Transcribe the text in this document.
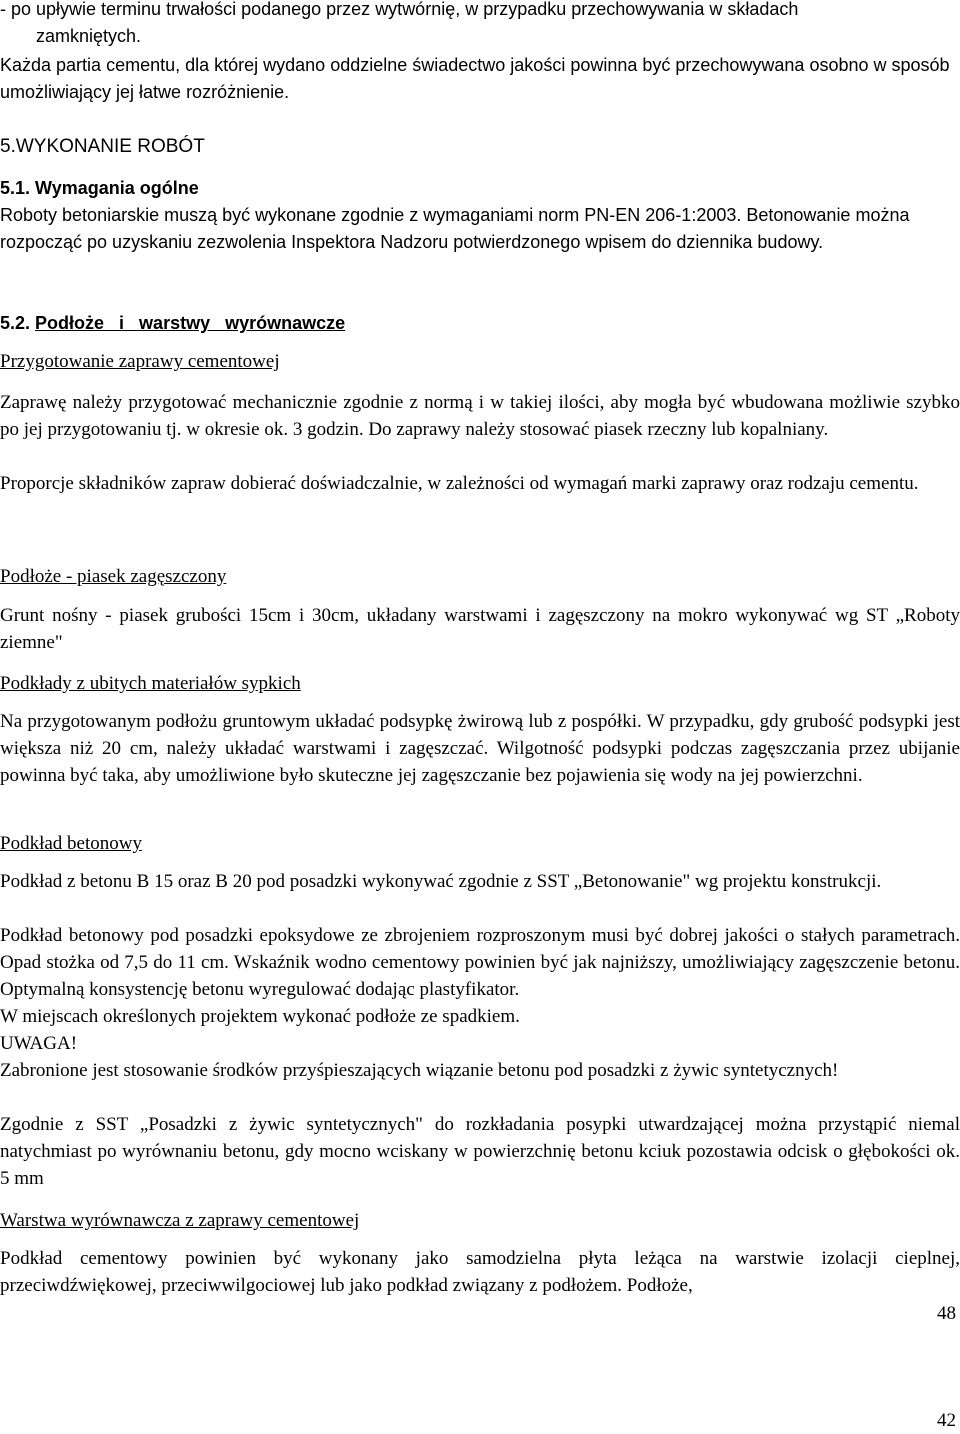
- po upływie terminu trwałości podanego przez wytwórnię, w przypadku przechowywania w składach

zamkniętych.

Każda partia cementu, dla której wydano oddzielne świadectwo jakości powinna być przechowywana osobno w sposób umożliwiający jej łatwe rozróżnienie.

5.WYKONANIE ROBÓT

5.1. Wymagania ogólne

Roboty betoniarskie muszą być wykonane zgodnie z wymaganiami norm PN-EN 206-1:2003. Betonowanie można rozpocząć po uzyskaniu zezwolenia Inspektora Nadzoru potwierdzonego wpisem do dziennika budowy.

5.2. Podłoże   i   warstwy   wyrównawcze

Przygotowanie zaprawy cementowej

Zaprawę należy przygotować mechanicznie zgodnie z normą i w takiej ilości, aby mogła być wbudowana możliwie szybko po jej przygotowaniu tj. w okresie ok. 3 godzin. Do zaprawy należy stosować piasek rzeczny lub kopalniany.

Proporcje składników zapraw dobierać doświadczalnie, w zależności od wymagań marki zaprawy oraz rodzaju cementu.

Podłoże - piasek zagęszczony

Grunt nośny - piasek grubości 15cm i 30cm, układany warstwami i zagęszczony na mokro wykonywać wg ST „Roboty ziemne"

Podkłady z ubitych materiałów sypkich

Na przygotowanym podłożu gruntowym układać podsypkę żwirową lub z pospółki. W przypadku, gdy grubość podsypki jest większa niż 20 cm, należy układać warstwami i zagęszczać. Wilgotność podsypki podczas zagęszczania przez ubijanie powinna być taka, aby umożliwione było skuteczne jej zagęszczanie bez pojawienia się wody na jej powierzchni.

Podkład betonowy

Podkład z betonu B 15 oraz B 20 pod posadzki wykonywać zgodnie z SST „Betonowanie" wg projektu konstrukcji.

Podkład betonowy pod posadzki epoksydowe ze zbrojeniem rozproszonym musi być dobrej jakości o stałych parametrach. Opad stożka od 7,5 do 11 cm. Wskaźnik wodno cementowy powinien być jak najniższy, umożliwiający zagęszczenie betonu. Optymalną konsystencję betonu wyregulować dodając plastyfikator.

W miejscach określonych projektem wykonać podłoże ze spadkiem.

UWAGA!

Zabronione jest stosowanie środków przyśpieszających wiązanie betonu pod posadzki z żywic syntetycznych!

Zgodnie z SST „Posadzki z żywic syntetycznych" do rozkładania posypki utwardzającej można przystąpić niemal natychmiast po wyrównaniu betonu, gdy mocno wciskany w powierzchnię betonu kciuk pozostawia odcisk o głębokości ok. 5 mm

Warstwa wyrównawcza z zaprawy cementowej

Podkład cementowy powinien być wykonany jako samodzielna płyta leżąca na warstwie izolacji cieplnej, przeciwdźwiękowej, przeciwwilgociowej lub jako podkład związany z podłożem. Podłoże,

48
42
